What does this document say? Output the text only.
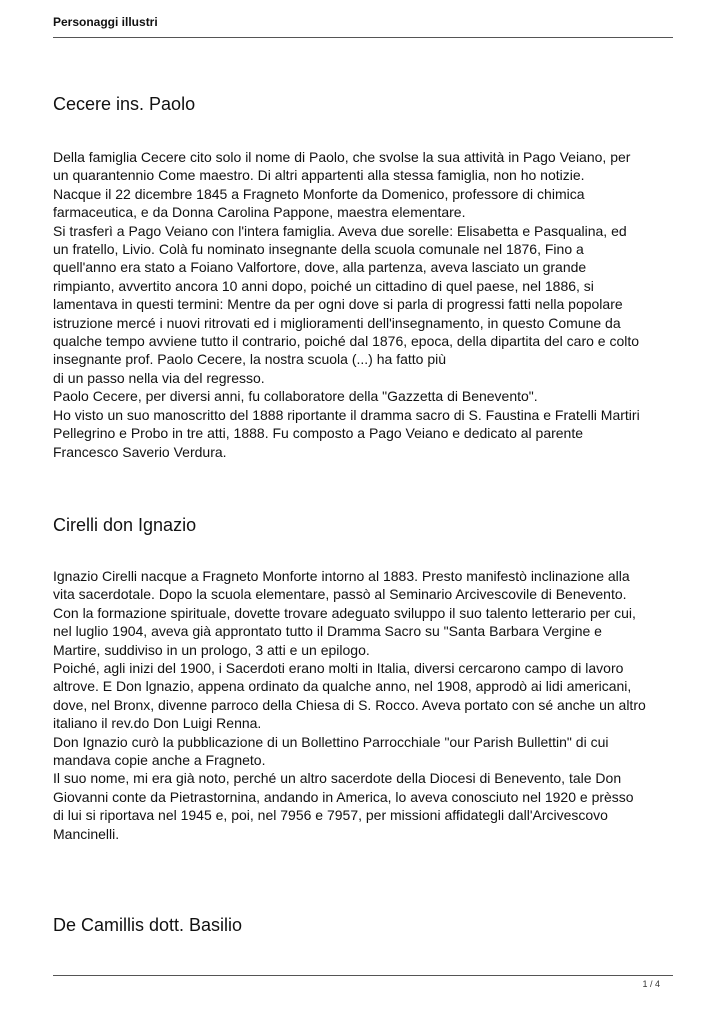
Personaggi illustri
Cecere ins. Paolo
Della famiglia Cecere cito solo il nome di Paolo, che svolse la sua attività in Pago Veiano, per
un quarantennio Come maestro. Di altri appartenti alla stessa famiglia, non ho notizie.
Nacque il 22 dicembre 1845 a Fragneto Monforte da Domenico, professore di chimica
farmaceutica, e da Donna Carolina Pappone, maestra elementare.
Si trasferì a Pago Veiano con l'intera famiglia. Aveva due sorelle: Elisabetta e Pasqualina, ed
un fratello, Livio. Colà fu nominato insegnante della scuola comunale nel 1876, Fino a
quell'anno era stato a Foiano Valfortore, dove, alla partenza, aveva lasciato un grande
rimpianto, avvertito ancora 10 anni dopo, poiché un cittadino di quel paese, nel 1886, si
lamentava in questi termini: Mentre da per ogni dove si parla di progressi fatti nella popolare
istruzione mercé i nuovi ritrovati ed i miglioramenti dell'insegnamento, in questo Comune da
qualche tempo avviene tutto il contrario, poiché dal 1876, epoca, della dipartita del caro e colto
insegnante prof. Paolo Cecere, la nostra scuola (...) ha fatto più
di un passo nella via del regresso.
Paolo Cecere, per diversi anni, fu collaboratore della "Gazzetta di Benevento".
Ho visto un suo manoscritto del 1888 riportante il dramma sacro di S. Faustina e Fratelli Martiri
Pellegrino e Probo in tre atti, 1888. Fu composto a Pago Veiano e dedicato al parente
Francesco Saverio Verdura.
Cirelli don Ignazio
Ignazio Cirelli nacque a Fragneto Monforte intorno al 1883. Presto manifestò inclinazione alla
vita sacerdotale. Dopo la scuola elementare, passò al Seminario Arcivescovile di Benevento.
Con la formazione spirituale, dovette trovare adeguato sviluppo il suo talento letterario per cui,
nel luglio 1904, aveva già approntato tutto il Dramma Sacro su "Santa Barbara Vergine e
Martire, suddiviso in un prologo, 3 atti e un epilogo.
Poiché, agli inizi del 1900, i Sacerdoti erano molti in Italia, diversi cercarono campo di lavoro
altrove. E Don lgnazio, appena ordinato da qualche anno, nel 1908, approdò ai lidi americani,
dove, nel Bronx, divenne parroco della Chiesa di S. Rocco. Aveva portato con sé anche un altro
italiano il rev.do Don Luigi Renna.
Don Ignazio curò la pubblicazione di un Bollettino Parrocchiale "our Parish Bullettin" di cui
mandava copie anche a Fragneto.
Il suo nome, mi era già noto, perché un altro sacerdote della Diocesi di Benevento, tale Don
Giovanni conte da Pietrastornina, andando in America, lo aveva conosciuto nel 1920 e prèsso
di lui si riportava nel 1945 e, poi, nel 7956 e 7957, per missioni affidategli dall'Arcivescovo
Mancinelli.
De Camillis dott. Basilio
1 / 4
